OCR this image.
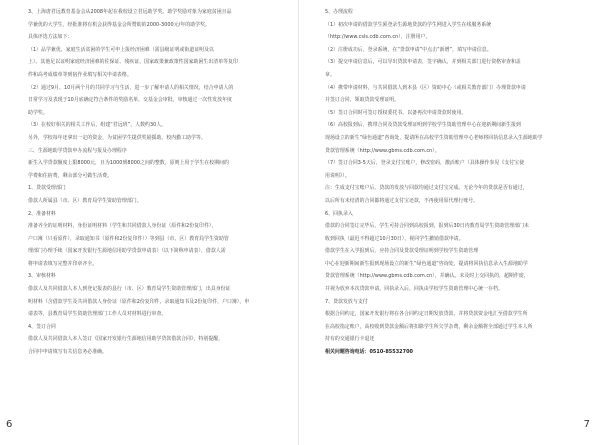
3、上海唐君远教育基金会从2008年起在我校设立君远助学奖。助学奖励对象为家庭贫困且品
学兼优的大学生，经批准将有机会获得基金会所赞助的2000-3000元/年的助学奖。
具体评选方法如下：
（1）品学兼优、家庭生活贫困的学生可申上报经济困难（需县级证明或街道证明及以
上）、其他足以证明家庭经济困难的佐保证、残疾证、国家政策兼政策性国家助困生出清单等复印
件和高考成绩单等到宿作业填写相关申请表格。
（2）通过9月、10月两个月的共同学习与生活，进一步了解申请人的相关情况，结合申请人的
日常学习及表现于10月底确定符合条件的奖励名单，交基金会审批，审核通过一次性发放年度
助学奖。
（3）在校好相关的相关工作后，组建“君远班”，人数约30人。
另外，学校每年还拿出一定的资金，为贫困学生提供奖励援助、校内勤工助学等。
三、生源地助学贷款申办流程与报及办理程序
新生入学贷款额度上限8000元，且为1000到8000之间的整数，原则上用于学生在校期间的
学费和住宿费，剩余部分可做生活费。
1、贷款受理部门
借款人所属县（市、区）教育局学生资助管理部门。
2、准备材料
准备齐全的证明材料，身份证明材料（学生和共同借款人身份证（原件和2份复印件），
户口簿（只看原件），录取通知书（原件和2份复印件））等到县（市、区）教育局学生资助管
理部门办理手续（国家开发银行生源地信用助学贷款申请表）（以下简称申请表），借款人需
将申请表填写完整并印章齐全。
3、审核材料
借款人及共同借款人本人到登记报表的县行（市、区）教育局学生资助管理部门，出具身份证
明材料（含借款学生及共同借款人身份证（原件和2份复印件，录取通知书及2份复印件，户口簿），申
请表等，县教育局学生资助管理部门工作人员对材料进行审查。
4、签订合同
借款人及共同借款人本人签订《国家开发银行生源地信用助学贷款借款合同》，特别提醒，
合同中申请填写有关信息务必准确。
6
5、办理流程
（1）初次申请的借款学生须登录生源地贷款的学生网进入学生在线服务系统
（http://www.csls.cdb.com.cn），注册用户。
（2）注册成功后，登录系统，在“贷款申请”中点击“新增”，填写申请信息。
（3）提交申请信息后，可以导出贷款申请表，签字确认，并到相关部门进行资格审查和盖
章。
（4）携带申请材料，与共同借款人到本县（区）资助中心（或相关教育部门）办理贷款申请
并签订合同，领取贷款受理证明。
（5）签订合同时可签订授权委托书，以备再次申请贷款时使用。
（6）高校报到后，携带合同及贷款受理证明到学校学生资助管理中心在迎新期间新生报到
现场设立的新生“绿色通道”咨询处，提请所在高校学生资助管理中心老师将回执信息录入生源地助学
贷款管理系统（http://www.gbms.cdb.com.cn）。
（7）签订合同3-5天后，登录支付宝账户，修改密码，激活账户（具体操作参见《支付宝使
用说明》）。
注：生成支付宝账户后，贷款的发放与回款均通过支付宝完成。无论今年的贷款是否有通过，
以后所有未结清的合同都将通过支付宝还款，不再使用原代理行账号。
6、回执录入
借款的合同签订完毕后，学生可持合同到高校报到，报到后30日内教育局学生资助管理部门未
收到回执（最迟不得超过10月30日），视同学生撤销借款申请。
借款学生在入学报到后，应持合同及贷款受理证明到学校学生资助管理
中心在迎新期间新生报到现场设立的新生“绿色通道”咨询处，提请将回执信息录入生源地助学
贷款管理系统（http://www.gbms.cdb.com.cn），并确认。未及时上交回执的，超期作废，
并视为放弃本次贷款申请。回执录入后，回执由学校学生资助管理中心统一存档。
7、贷款发放与支付
根据合同约定，国家开发银行将在各合同约定日期发放贷款，并将贷款资金电汇至借款学生所
在高校指定账户，高校收到贷款金额后将扣除学生所欠学杂费，剩余金额将全部通过学生本人所
持有的交通银行卡退还
相关问题咨询电话：0510-85532700
7
